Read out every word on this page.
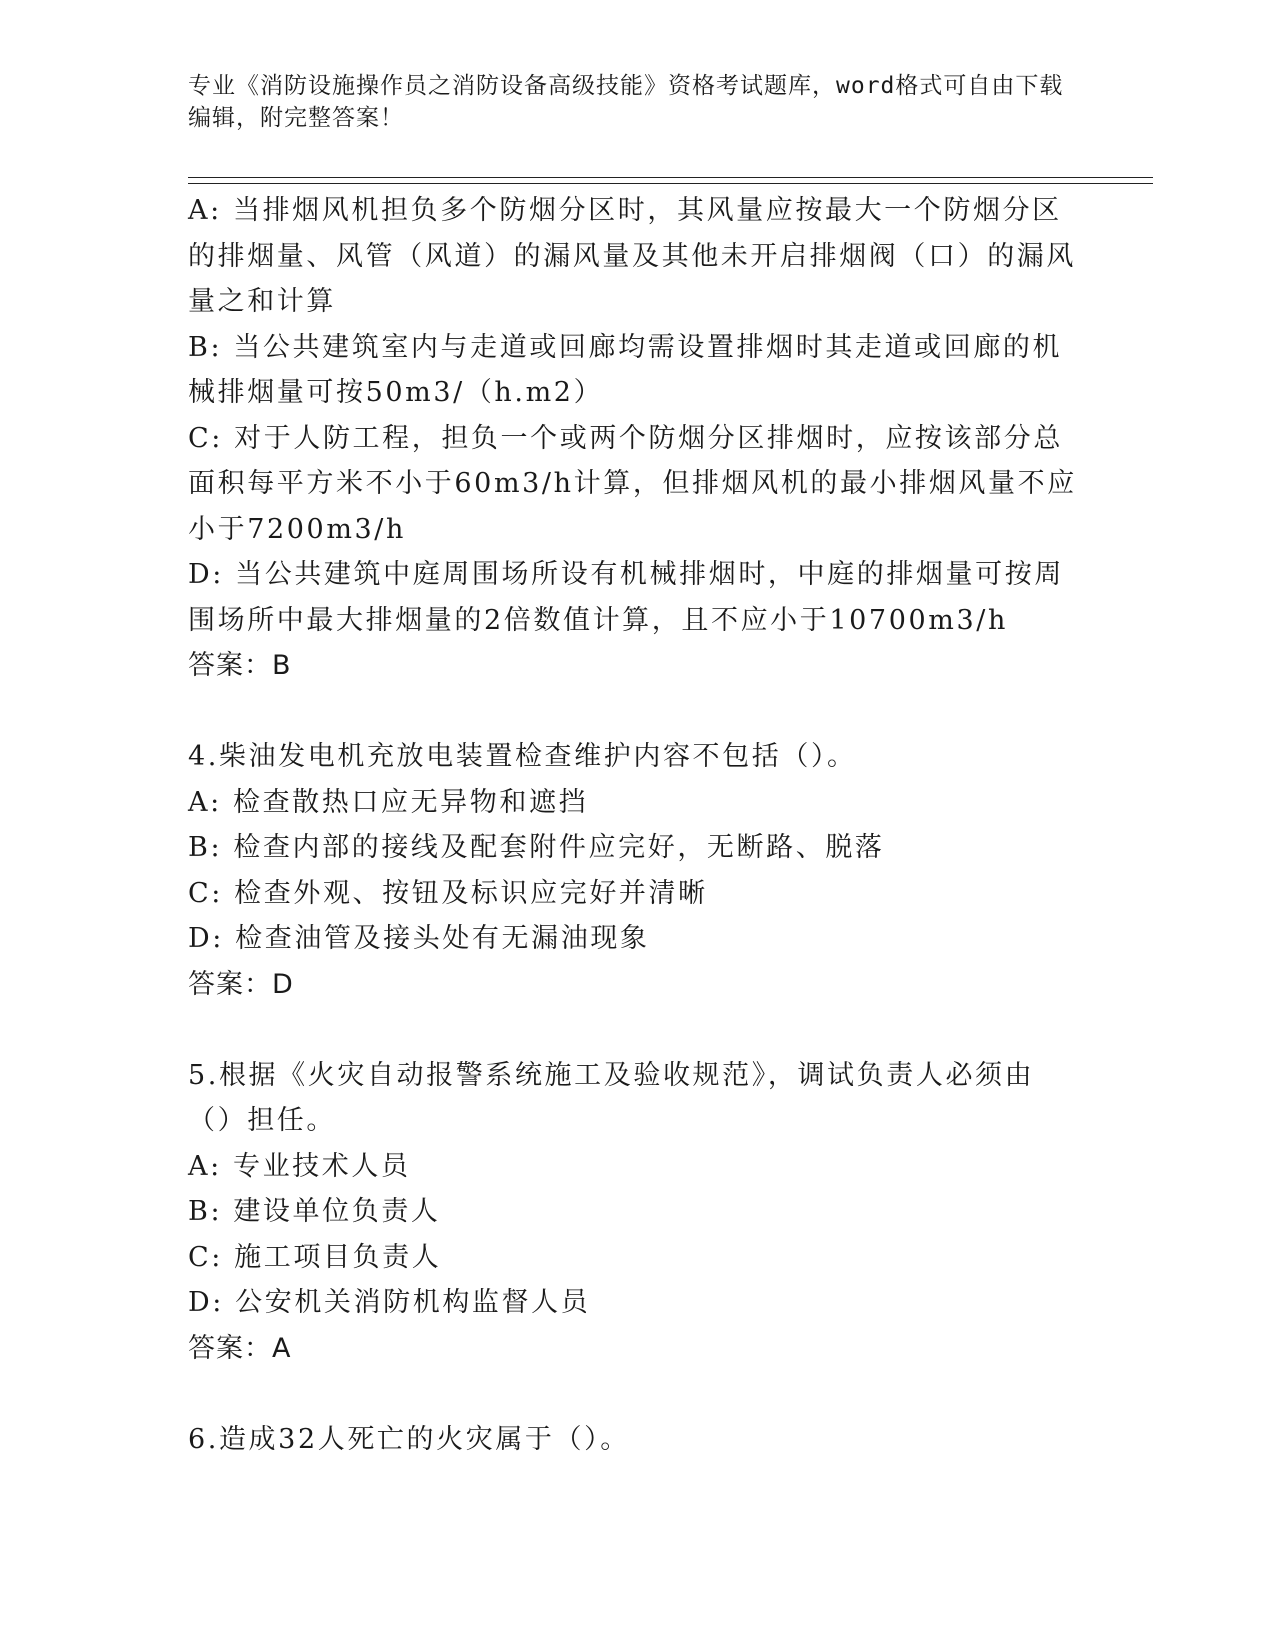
专业《消防设施操作员之消防设备高级技能》资格考试题库，word格式可自由下载编辑，附完整答案！

A: 当排烟风机担负多个防烟分区时，其风量应按最大一个防烟分区的排烟量、风管（风道）的漏风量及其他未开启排烟阀（口）的漏风量之和计算

B: 当公共建筑室内与走道或回廊均需设置排烟时其走道或回廊的机械排烟量可按50m3/（h.m2）

C: 对于人防工程，担负一个或两个防烟分区排烟时，应按该部分总面积每平方米不小于60m3/h计算，但排烟风机的最小排烟风量不应小于7200m3/h

D: 当公共建筑中庭周围场所设有机械排烟时，中庭的排烟量可按周围场所中最大排烟量的2倍数值计算，且不应小于10700m3/h

答案：B

4.柴油发电机充放电装置检查维护内容不包括（）。

A: 检查散热口应无异物和遮挡

B: 检查内部的接线及配套附件应完好，无断路、脱落

C: 检查外观、按钮及标识应完好并清晰

D: 检查油管及接头处有无漏油现象

答案：D

5.根据《火灾自动报警系统施工及验收规范》，调试负责人必须由（）担任。

A: 专业技术人员

B: 建设单位负责人

C: 施工项目负责人

D: 公安机关消防机构监督人员

答案：A

6.造成32人死亡的火灾属于（）。
